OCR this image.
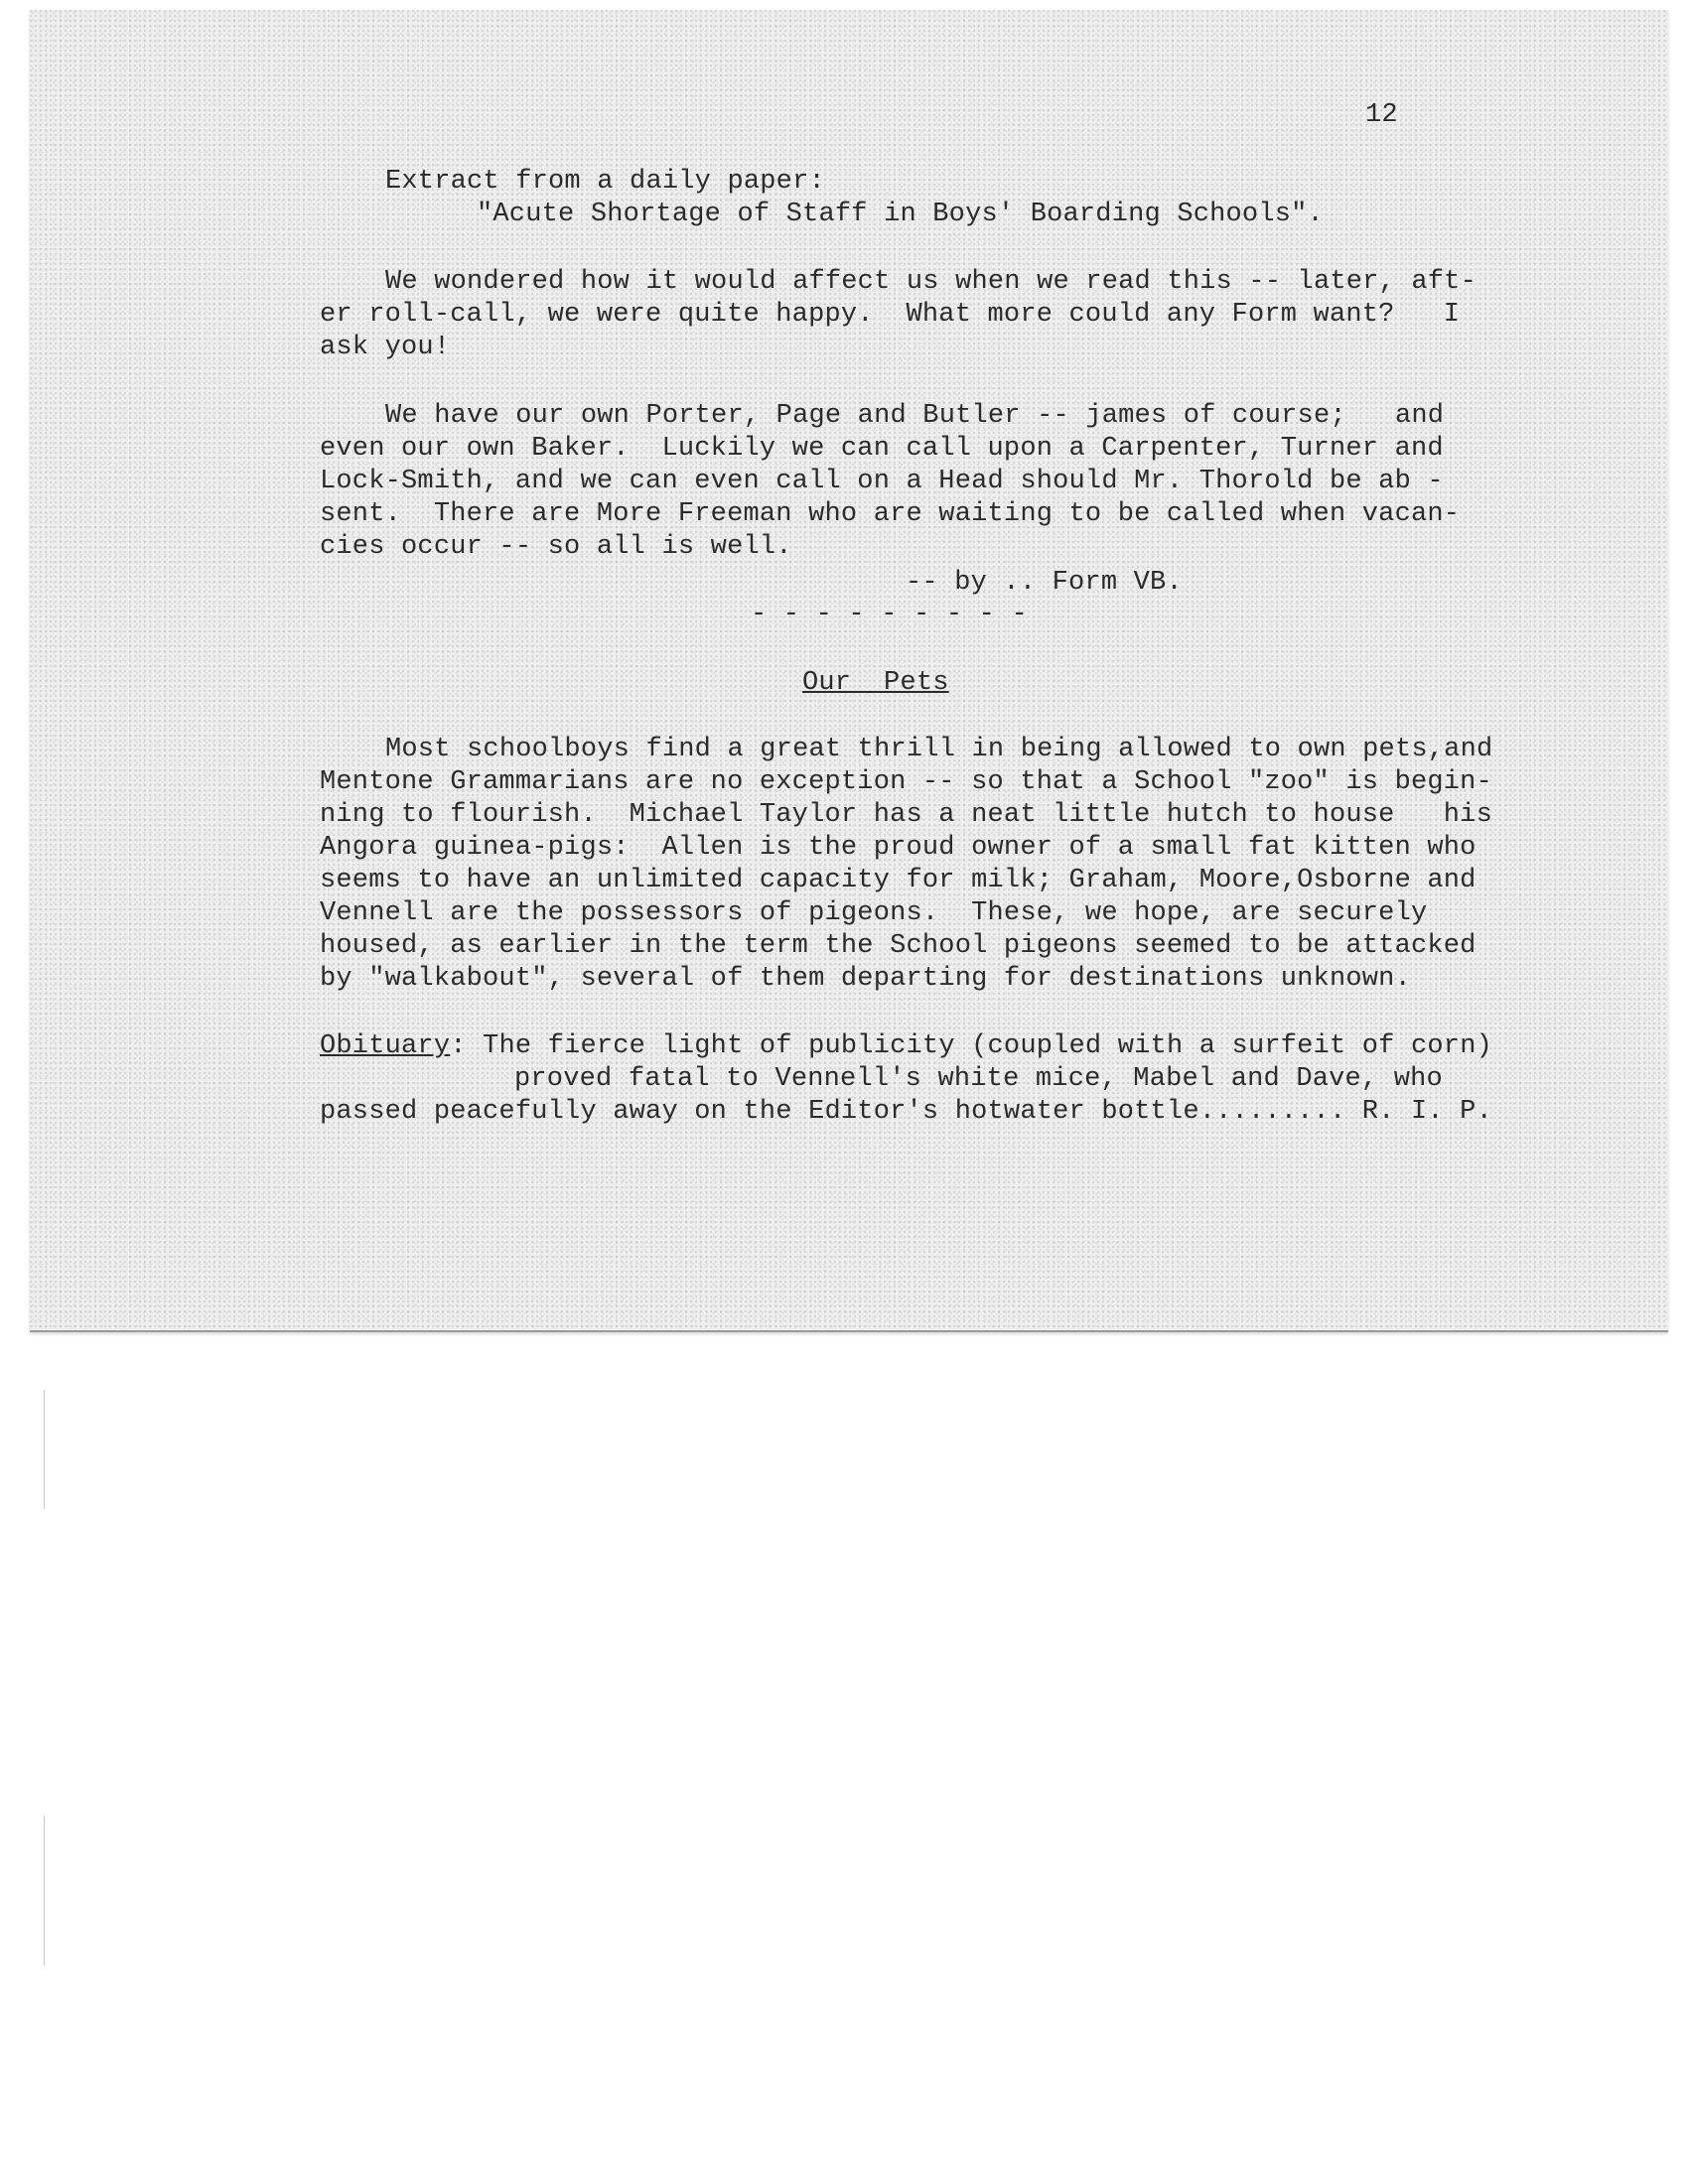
12
Extract from a daily paper:
"Acute Shortage of Staff in Boys' Boarding Schools".
We wondered how it would affect us when we read this -- later, aft-
er roll-call, we were quite happy.  What more could any Form want?   I
ask you!
We have our own Porter, Page and Butler -- james of course;   and
even our own Baker.  Luckily we can call upon a Carpenter, Turner and
Lock-Smith, and we can even call on a Head should Mr. Thorold be ab -
sent.  There are More Freeman who are waiting to be called when vacan-
cies occur -- so all is well.
-- by .. Form VB.
- - - - - - - - -
Our  Pets
Most schoolboys find a great thrill in being allowed to own pets,and
Mentone Grammarians are no exception -- so that a School "zoo" is begin-
ning to flourish.  Michael Taylor has a neat little hutch to house   his
Angora guinea-pigs:  Allen is the proud owner of a small fat kitten who
seems to have an unlimited capacity for milk; Graham, Moore,Osborne and
Vennell are the possessors of pigeons.  These, we hope, are securely
housed, as earlier in the term the School pigeons seemed to be attacked
by "walkabout", several of them departing for destinations unknown.
Obituary: The fierce light of publicity (coupled with a surfeit of corn)
proved fatal to Vennell's white mice, Mabel and Dave, who
passed peacefully away on the Editor's hotwater bottle......... R. I. P.
